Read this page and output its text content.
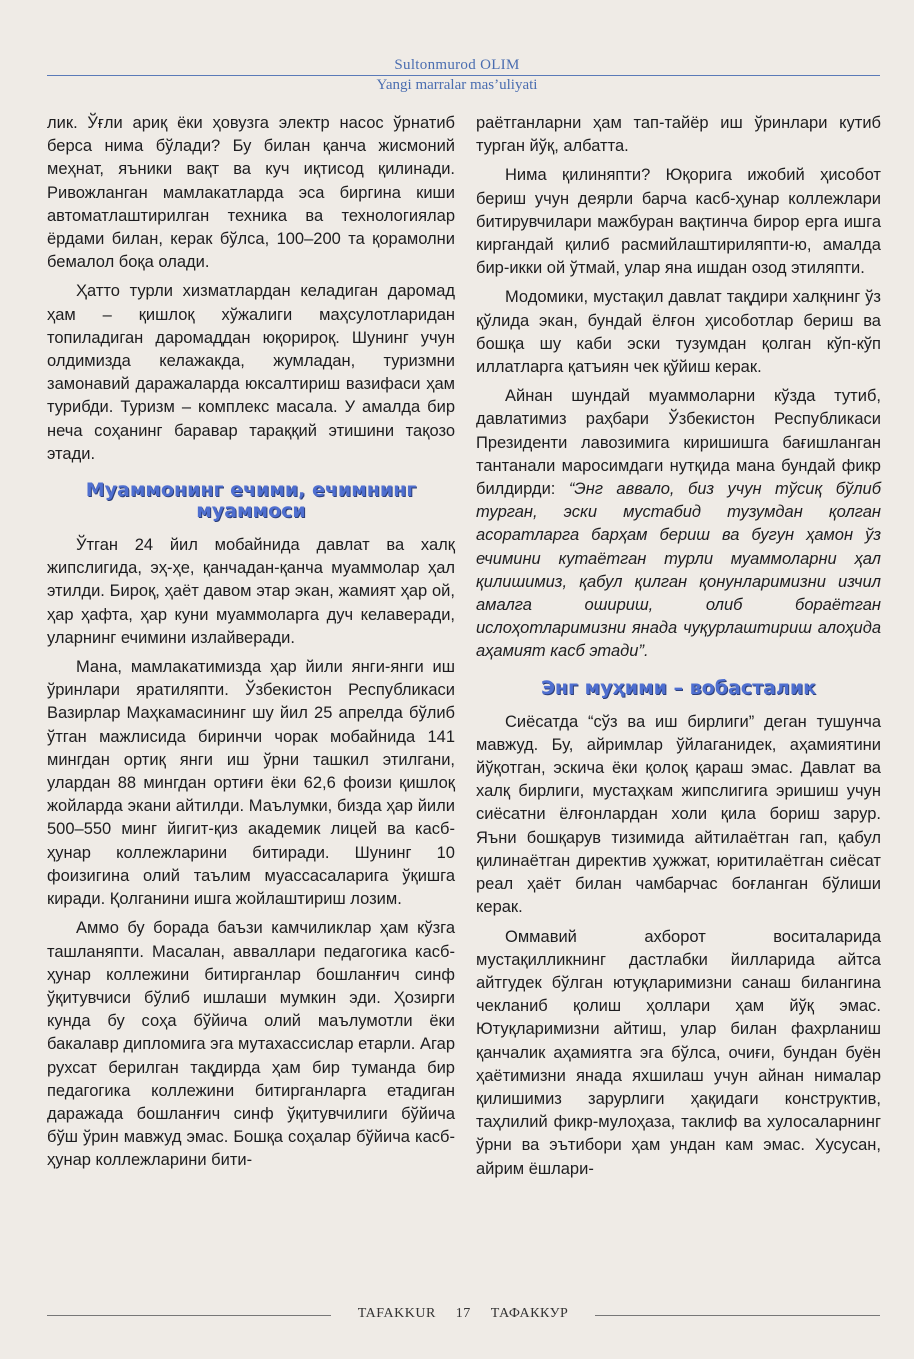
Sultonmurod OLIM
Yangi marralar mas’uliyati

лик. Ўғли ариқ ёки ҳовузга электр насос ўрнатиб берса нима бўлади? Бу билан қанча жисмоний меҳнат, яъники вақт ва куч иқтисод қилинади. Ривожланган мамлакатларда эса биргина киши автоматлаштирилган техника ва технологиялар ёрдами билан, керак бўлса, 100–200 та қорамолни бемалол боқа олади.

Ҳатто турли хизматлардан келадиган даромад ҳам – қишлоқ хўжалиги маҳсулотларидан топиладиган даромаддан юқорироқ. Шунинг учун олдимизда келажакда, жумладан, туризмни замонавий даражаларда юксалтириш вазифаси ҳам турибди. Туризм – комплекс масала. У амалда бир неча соҳанинг баравар тараққий этишини тақозо этади.

Муаммонинг ечими, ечимнинг муаммоси

Ўтган 24 йил мобайнида давлат ва халқ жипслигида, эҳ-ҳе, қанчадан-қанча муаммолар ҳал этилди. Бироқ, ҳаёт давом этар экан, жамият ҳар ой, ҳар ҳафта, ҳар куни муаммоларга дуч келаверади, уларнинг ечимини излайверади.

Мана, мамлакатимизда ҳар йили янги-янги иш ўринлари яратиляпти. Ўзбекистон Республикаси Вазирлар Маҳкамасининг шу йил 25 апрелда бўлиб ўтган мажлисида биринчи чорак мобайнида 141 мингдан ортиқ янги иш ўрни ташкил этилгани, улардан 88 мингдан ортиғи ёки 62,6 фоизи қишлоқ жойларда экани айтилди. Маълумки, бизда ҳар йили 500–550 минг йигит-қиз академик лицей ва касб-ҳунар коллежларини битиради. Шунинг 10 фоизигина олий таълим муассасаларига ўқишга киради. Қолганини ишга жойлаштириш лозим.

Аммо бу борада баъзи камчиликлар ҳам кўзга ташланяпти. Масалан, авваллари педагогика касб-ҳунар коллежини битирганлар бошланғич синф ўқитувчиси бўлиб ишлаши мумкин эди. Ҳозирги кунда бу соҳа бўйича олий маълумотли ёки бакалавр дипломига эга мутахассислар етарли. Агар рухсат берилган тақдирда ҳам бир туманда бир педагогика коллежини битирганларга етадиган даражада бошланғич синф ўқитувчилиги бўйича бўш ўрин мавжуд эмас. Бошқа соҳалар бўйича касб-ҳунар коллежларини бити-

раётганларни ҳам тап-тайёр иш ўринлари кутиб турган йўқ, албатта.

Нима қилиняпти? Юқорига ижобий ҳисобот бериш учун деярли барча касб-ҳунар коллежлари битирувчилари мажбуран вақтинча бирор ерга ишга киргандай қилиб расмийлаштириляпти-ю, амалда бир-икки ой ўтмай, улар яна ишдан озод этиляпти.

Модомики, мустақил давлат тақдири халқнинг ўз қўлида экан, бундай ёлғон ҳисоботлар бериш ва бошқа шу каби эски тузумдан қолган кўп-кўп иллатларга қатъиян чек қўйиш керак.

Айнан шундай муаммоларни кўзда тутиб, давлатимиз раҳбари Ўзбекистон Республикаси Президенти лавозимига киришишга бағишланган тантанали маросимдаги нутқида мана бундай фикр билдирди: “Энг аввало, биз учун тўсиқ бўлиб турган, эски мустабид тузумдан қолган асоратларга барҳам бериш ва бугун ҳамон ўз ечимини кутаётган турли муаммоларни ҳал қилишимиз, қабул қилган қонунларимизни изчил амалга ошириш, олиб бораётган ислоҳотларимизни янада чуқурлаштириш алоҳида аҳамият касб этади”.

Энг муҳими – вобасталик

Сиёсатда “сўз ва иш бирлиги” деган тушунча мавжуд. Бу, айримлар ўйлаганидек, аҳамиятини йўқотган, эскича ёки қолоқ қараш эмас. Давлат ва халқ бирлиги, мустаҳкам жипслигига эришиш учун сиёсатни ёлғонлардан холи қила бориш зарур. Яъни бошқарув тизимида айтилаётган гап, қабул қилинаётган директив ҳужжат, юритилаётган сиёсат реал ҳаёт билан чамбарчас боғланган бўлиши керак.

Оммавий ахборот воситаларида мустақилликнинг дастлабки йилларида айтса айтгудек бўлган ютуқларимизни санаш билангина чекланиб қолиш ҳоллари ҳам йўқ эмас. Ютуқларимизни айтиш, улар билан фахрланиш қанчалик аҳамиятга эга бўлса, очиғи, бундан буён ҳаётимизни янада яхшилаш учун айнан нималар қилишимиз зарурлиги ҳақидаги конструктив, таҳлилий фикр-мулоҳаза, таклиф ва хулосаларнинг ўрни ва эътибори ҳам ундан кам эмас. Хусусан, айрим ёшлари-

TAFAKKUR 17 ТАФАККУР
